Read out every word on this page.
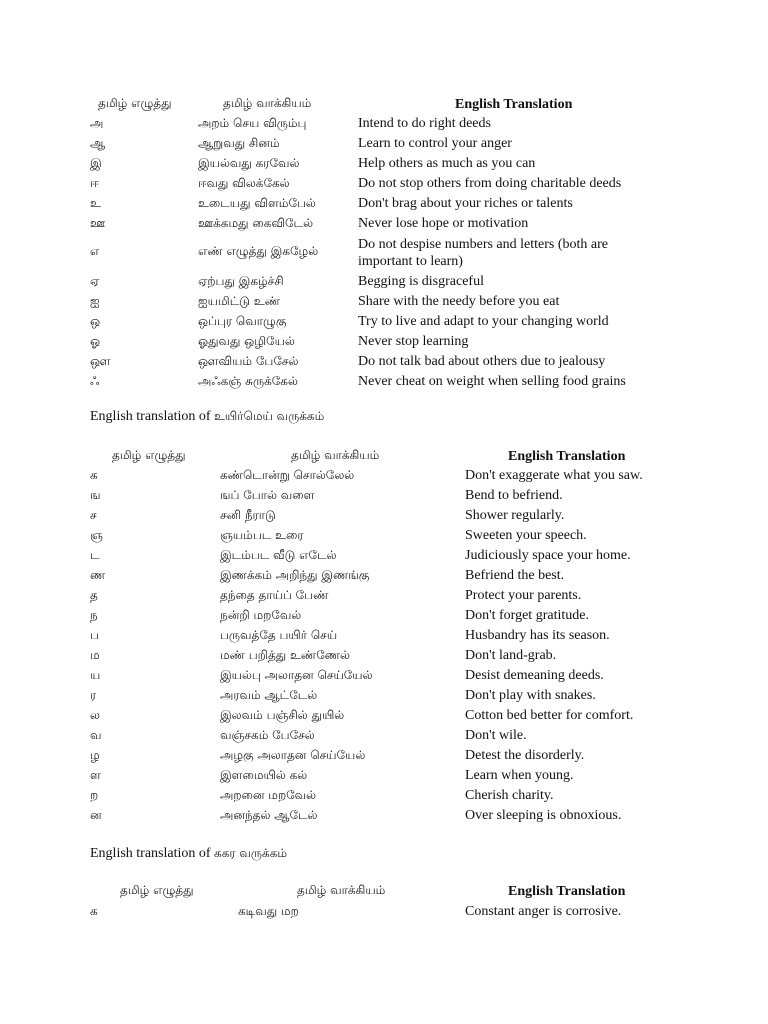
தமிழ் எழுத்து	தமிழ் வாக்கியம்	English Translation
அ	அறம் செய விரும்பு	Intend to do right deeds
ஆ	ஆறுவது சினம்	Learn to control your anger
இ	இயல்வது கரவேல்	Help others as much as you can
ஈ	ஈவது விலக்கேல்	Do not stop others from doing charitable deeds
உ	உடையது விளம்பேல்	Don't brag about your riches or talents
ஊ	ஊக்கமது கைவிடேல்	Never lose hope or motivation
எ	எண் எழுத்து இகழேல்	Do not despise numbers and letters (both are important to learn)
ஏ	ஏற்பது இகழ்ச்சி	Begging is disgraceful
ஐ	ஐயமிட்டு உண்	Share with the needy before you eat
ஒ	ஒப்புர வொழுகு	Try to live and adapt to your changing world
ஓ	ஓதுவது ஒழியேல்	Never stop learning
ஔ	ஔவியம் பேசேல்	Do not talk bad about others due to jealousy
ஃ	அஃகஞ் சுருக்கேல்	Never cheat on weight when selling food grains
English translation of உயிர்மெய் வருக்கம்
தமிழ் எழுத்து	தமிழ் வாக்கியம்	English Translation
க	கண்டொன்று சொல்லேல்	Don't exaggerate what you saw.
ங	ஙப் போல் வளை	Bend to befriend.
ச	சனி நீராடு	Shower regularly.
ஞ	ஞயம்பட உரை	Sweeten your speech.
ட	இடம்பட வீடு எடேல்	Judiciously space your home.
ண	இணக்கம் அறிந்து இணங்கு	Befriend the best.
த	தந்தை தாய்ப் பேண்	Protect your parents.
ந	நன்றி மறவேல்	Don't forget gratitude.
ப	பருவத்தே பயிர் செய்	Husbandry has its season.
ம	மண் பறித்து உண்ணேல்	Don't land-grab.
ய	இயல்பு அலாதன செய்யேல்	Desist demeaning deeds.
ர	அரவம் ஆட்டேல்	Don't play with snakes.
ல	இலவம் பஞ்சில் துயில்	Cotton bed better for comfort.
வ	வஞ்சகம் பேசேல்	Don't wile.
ழ	அழகு அலாதன செய்யேல்	Detest the disorderly.
ள	இளமையில் கல்	Learn when young.
ற	அறனை மறவேல்	Cherish charity.
ன	அனந்தல் ஆடேல்	Over sleeping is obnoxious.
English translation of ககர வருக்கம்
தமிழ் எழுத்து	தமிழ் வாக்கியம்	English Translation
க	கடிவது மற	Constant anger is corrosive.
